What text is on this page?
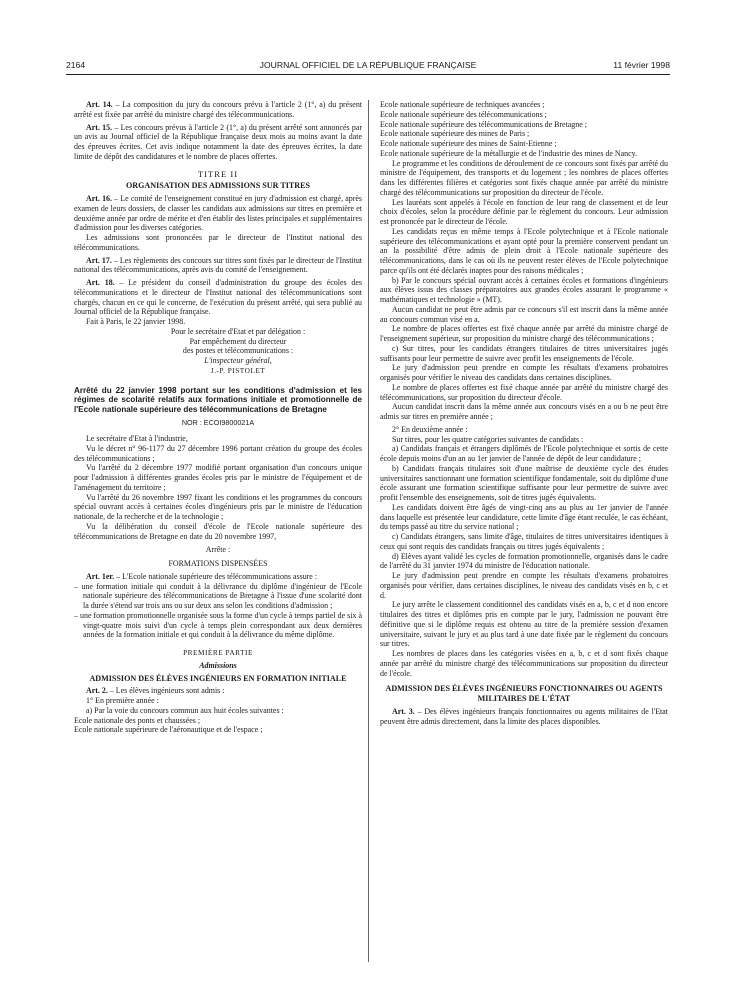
2164	JOURNAL OFFICIEL DE LA RÉPUBLIQUE FRANÇAISE	11 février 1998

Art. 14. – La composition du jury du concours prévu à l'article 2 (1°, a) du présent arrêté est fixée par arrêté du ministre chargé des télécommunications.

Art. 15. – Les concours prévus à l'article 2 (1°, a) du présent arrêté sont annoncés par un avis au Journal officiel de la République française deux mois au moins avant la date des épreuves écrites. Cet avis indique notamment la date des épreuves écrites, la date limite de dépôt des candidatures et le nombre de places offertes.

TITRE II

ORGANISATION DES ADMISSIONS SUR TITRES

Art. 16. – Le comité de l'enseignement constitué en jury d'admission est chargé, après examen de leurs dossiers, de classer les candidats aux admissions sur titres en première et deuxième année par ordre de mérite et d'en établir des listes principales et supplémentaires d'admission pour les diverses catégories.

Les admissions sont prononcées par le directeur de l'Institut national des télécommunications.

Art. 17. – Les règlements des concours sur titres sont fixés par le directeur de l'Institut national des télécommunications, après avis du comité de l'enseignement.

Art. 18. – Le président du conseil d'administration du groupe des écoles des télécommunications et le directeur de l'Institut national des télécommunications sont chargés, chacun en ce qui le concerne, de l'exécution du présent arrêté, qui sera publié au Journal officiel de la République française.

Fait à Paris, le 22 janvier 1998.

Pour le secrétaire d'Etat et par délégation :

Par empêchement du directeur

des postes et télécommunications :

L'inspecteur général,

J.-P. PISTOLET

Arrêté du 22 janvier 1998 portant sur les conditions d'admission et les régimes de scolarité relatifs aux formations initiale et promotionnelle de l'Ecole nationale supérieure des télécommunications de Bretagne

NOR : ECOI9800021A

Le secrétaire d'Etat à l'industrie,

Vu le décret n° 96-1177 du 27 décembre 1996 portant création du groupe des écoles des télécommunications ;

Vu l'arrêté du 2 décembre 1977 modifié portant organisation d'un concours unique pour l'admission à différentes grandes écoles pris par le ministre de l'équipement et de l'aménagement du territoire ;

Vu l'arrêté du 26 novembre 1997 fixant les conditions et les programmes du concours spécial ouvrant accès à certaines écoles d'ingénieurs pris par le ministre de l'éducation nationale, de la recherche et de la technologie ;

Vu la délibération du conseil d'école de l'Ecole nationale supérieure des télécommunications de Bretagne en date du 20 novembre 1997,

Arrête :

FORMATIONS DISPENSÉES

Art. 1er. – L'Ecole nationale supérieure des télécommunications assure :

– une formation initiale qui conduit à la délivrance du diplôme d'ingénieur de l'Ecole nationale supérieure des télécommunications de Bretagne à l'issue d'une scolarité dont la durée s'étend sur trois ans ou sur deux ans selon les conditions d'admission ;

– une formation promotionnelle organisée sous la forme d'un cycle à temps partiel de six à vingt-quatre mois suivi d'un cycle à temps plein correspondant aux deux dernières années de la formation initiale et qui conduit à la délivrance du même diplôme.

PREMIÈRE PARTIE

Admissions

ADMISSION DES ÉLÈVES INGÉNIEURS EN FORMATION INITIALE

Art. 2. – Les élèves ingénieurs sont admis :

1° En première année :

a) Par la voie du concours commun aux huit écoles suivantes :

Ecole nationale des ponts et chaussées ;

Ecole nationale supérieure de l'aéronautique et de l'espace ;

Ecole nationale supérieure de techniques avancées ;

Ecole nationale supérieure des télécommunications ;

Ecole nationale supérieure des télécommunications de Bretagne ;

Ecole nationale supérieure des mines de Paris ;

Ecole nationale supérieure des mines de Saint-Etienne ;

Ecole nationale supérieure de la métallurgie et de l'industrie des mines de Nancy.

Le programme et les conditions de déroulement de ce concours sont fixés par arrêté du ministre de l'équipement, des transports et du logement ; les nombres de places offertes dans les différentes filières et catégories sont fixés chaque année par arrêté du ministre chargé des télécommunications sur proposition du directeur de l'école.

Les lauréats sont appelés à l'école en fonction de leur rang de classement et de leur choix d'écoles, selon la procédure définie par le règlement du concours. Leur admission est prononcée par le directeur de l'école.

Les candidats reçus en même temps à l'Ecole polytechnique et à l'Ecole nationale supérieure des télécommunications et ayant opté pour la première conservent pendant un an la possibilité d'être admis de plein droit à l'Ecole nationale supérieure des télécommunications, dans le cas où ils ne peuvent rester élèves de l'Ecole polytechnique parce qu'ils ont été déclarés inaptes pour des raisons médicales ;

b) Par le concours spécial ouvrant accès à certaines écoles et formations d'ingénieurs aux élèves issus des classes préparatoires aux grandes écoles assurant le programme « mathématiques et technologie » (MT).

Aucun candidat ne peut être admis par ce concours s'il est inscrit dans la même année au concours commun visé en a.

Le nombre de places offertes est fixé chaque année par arrêté du ministre chargé de l'enseignement supérieur, sur proposition du ministre chargé des télécommunications ;

c) Sur titres, pour les candidats étrangers titulaires de titres universitaires jugés suffisants pour leur permettre de suivre avec profit les enseignements de l'école.

Le jury d'admission peut prendre en compte les résultats d'examens probatoires organisés pour vérifier le niveau des candidats dans certaines disciplines.

Le nombre de places offertes est fixé chaque année par arrêté du ministre chargé des télécommunications, sur proposition du directeur d'école.

Aucun candidat inscrit dans la même année aux concours visés en a ou b ne peut être admis sur titres en première année ;

2° En deuxième année :

Sur titres, pour les quatre catégories suivantes de candidats :

a) Candidats français et étrangers diplômés de l'Ecole polytechnique et sortis de cette école depuis moins d'un an au 1er janvier de l'année de dépôt de leur candidature ;

b) Candidats français titulaires soit d'une maîtrise de deuxième cycle des études universitaires sanctionnant une formation scientifique fondamentale, soit du diplôme d'une école assurant une formation scientifique suffisante pour leur permettre de suivre avec profit l'ensemble des enseignements, soit de titres jugés équivalents.

Les candidats doivent être âgés de vingt-cinq ans au plus au 1er janvier de l'année dans laquelle est présentée leur candidature, cette limite d'âge étant reculée, le cas échéant, du temps passé au titre du service national ;

c) Candidats étrangers, sans limite d'âge, titulaires de titres universitaires identiques à ceux qui sont requis des candidats français ou titres jugés équivalents ;

d) Elèves ayant validé les cycles de formation promotionnelle, organisés dans le cadre de l'arrêté du 31 janvier 1974 du ministre de l'éducation nationale.

Le jury d'admission peut prendre en compte les résultats d'examens probatoires organisés pour vérifier, dans certaines disciplines, le niveau des candidats visés en b, c et d.

Le jury arrête le classement conditionnel des candidats visés en a, b, c et d non encore titulaires des titres et diplômes pris en compte par le jury, l'admission ne pouvant être définitive que si le diplôme requis est obtenu au titre de la première session d'examen universitaire, suivant le jury et au plus tard à une date fixée par le règlement du concours sur titres.

Les nombres de places dans les catégories visées en a, b, c et d sont fixés chaque année par arrêté du ministre chargé des télécommunications sur proposition du directeur de l'école.

ADMISSION DES ÉLÈVES INGÉNIEURS FONCTIONNAIRES OU AGENTS MILITAIRES DE L'ÉTAT

Art. 3. – Des élèves ingénieurs français fonctionnaires ou agents militaires de l'Etat peuvent être admis directement, dans la limite des places disponibles.
